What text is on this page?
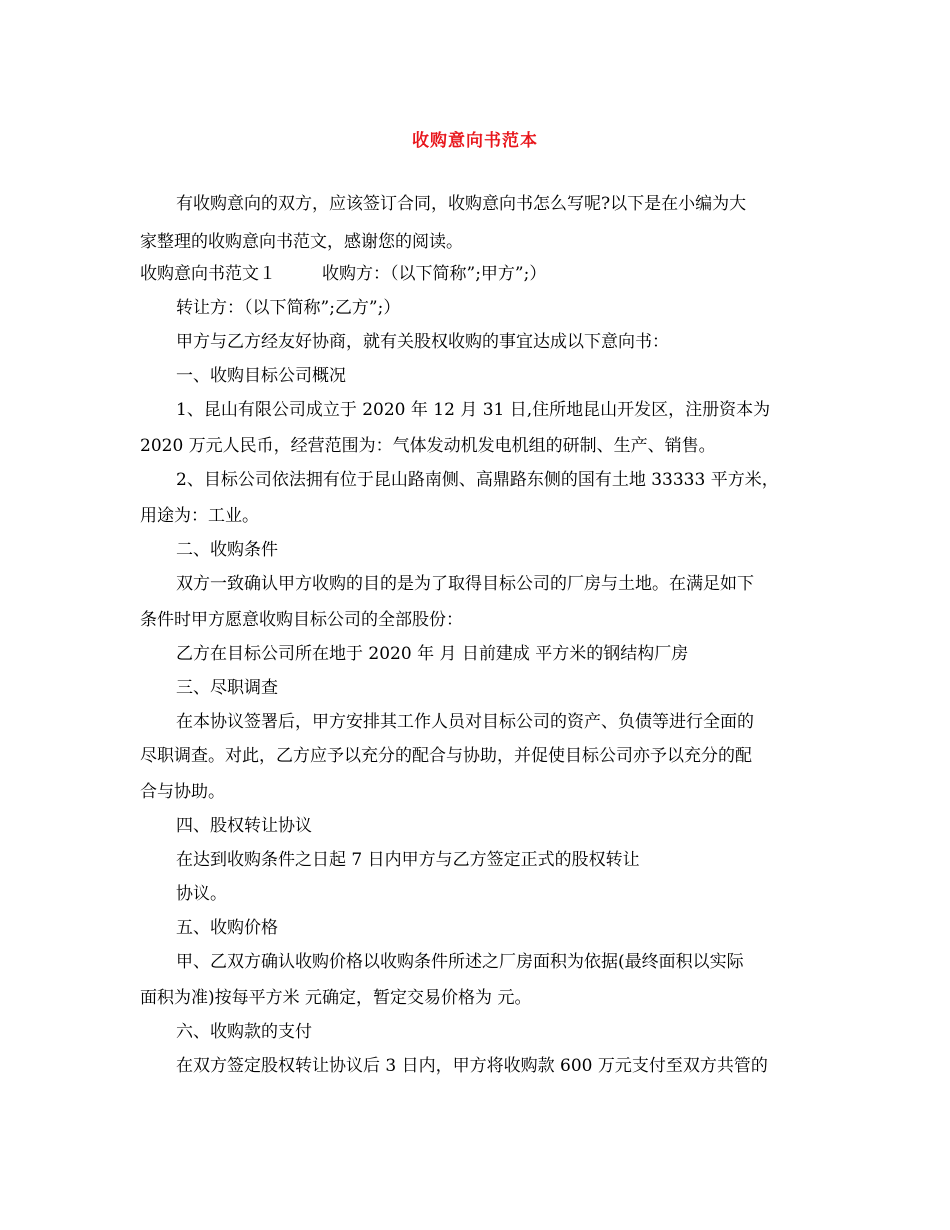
收购意向书范本
有收购意向的双方，应该签订合同，收购意向书怎么写呢?以下是在小编为大
家整理的收购意向书范文，感谢您的阅读。
收购意向书范文１	收购方：（以下简称”;甲方”;）
转让方：（以下简称”;乙方”;）
甲方与乙方经友好协商，就有关股权收购的事宜达成以下意向书：
一、收购目标公司概况
1、昆山有限公司成立于 2020 年 12 月 31 日,住所地昆山开发区，注册资本为
2020 万元人民币，经营范围为：气体发动机发电机组的研制、生产、销售。
2、目标公司依法拥有位于昆山路南侧、高鼎路东侧的国有土地 33333 平方米，
用途为：工业。
二、收购条件
双方一致确认甲方收购的目的是为了取得目标公司的厂房与土地。在满足如下
条件时甲方愿意收购目标公司的全部股份：
乙方在目标公司所在地于 2020 年 月 日前建成 平方米的钢结构厂房
三、尽职调查
在本协议签署后，甲方安排其工作人员对目标公司的资产、负债等进行全面的
尽职调查。对此，乙方应予以充分的配合与协助，并促使目标公司亦予以充分的配
合与协助。
四、股权转让协议
在达到收购条件之日起 7 日内甲方与乙方签定正式的股权转让
协议。
五、收购价格
甲、乙双方确认收购价格以收购条件所述之厂房面积为依据(最终面积以实际
面积为准)按每平方米 元确定，暂定交易价格为 元。
六、收购款的支付
在双方签定股权转让协议后 3 日内，甲方将收购款 600 万元支付至双方共管的
